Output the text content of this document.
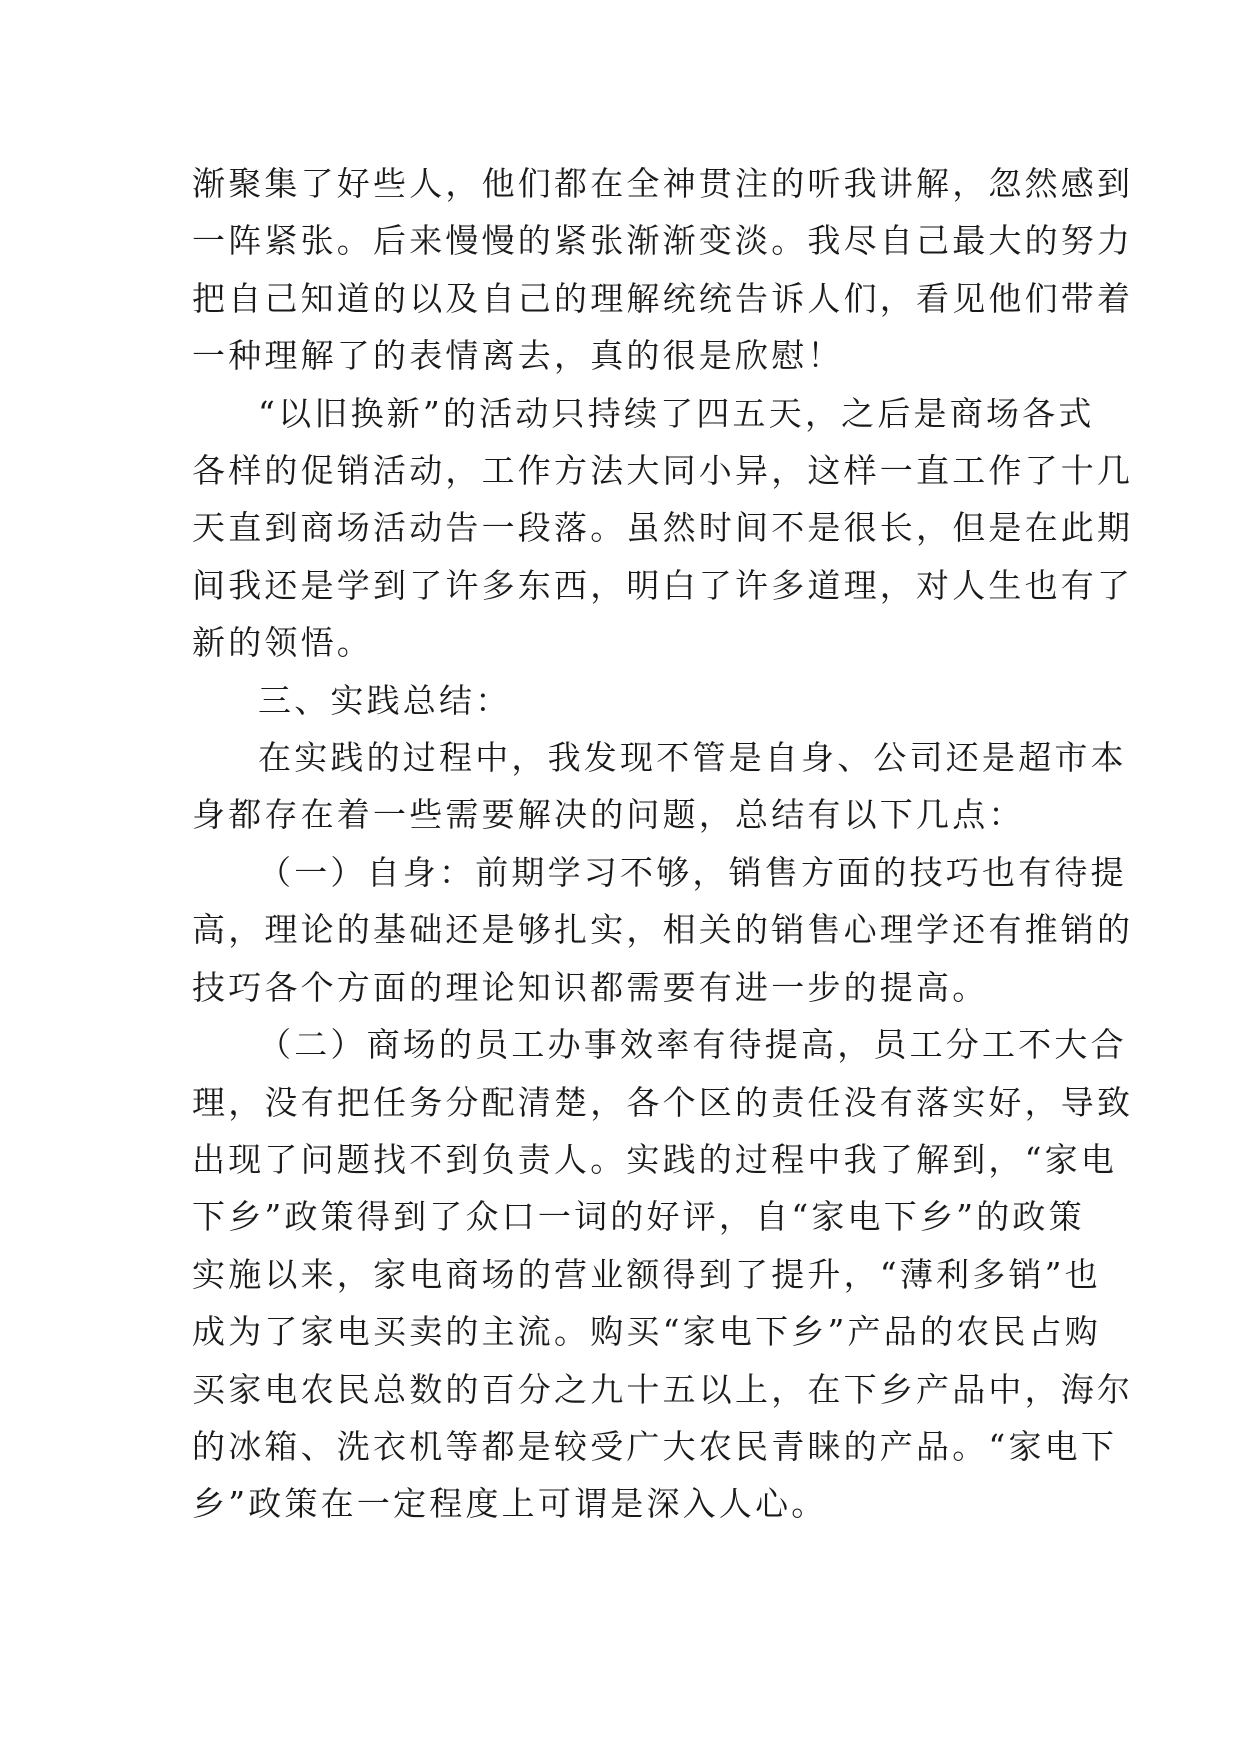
渐聚集了好些人，他们都在全神贯注的听我讲解，忽然感到
一阵紧张。后来慢慢的紧张渐渐变淡。我尽自己最大的努力
把自己知道的以及自己的理解统统告诉人们，看见他们带着
一种理解了的表情离去，真的很是欣慰！

“以旧换新”的活动只持续了四五天，之后是商场各式
各样的促销活动，工作方法大同小异，这样一直工作了十几
天直到商场活动告一段落。虽然时间不是很长，但是在此期
间我还是学到了许多东西，明白了许多道理，对人生也有了
新的领悟。

三、实践总结：

在实践的过程中，我发现不管是自身、公司还是超市本
身都存在着一些需要解决的问题，总结有以下几点：

（一）自身：前期学习不够，销售方面的技巧也有待提
高，理论的基础还是够扎实，相关的销售心理学还有推销的
技巧各个方面的理论知识都需要有进一步的提高。

（二）商场的员工办事效率有待提高，员工分工不大合
理，没有把任务分配清楚，各个区的责任没有落实好，导致
出现了问题找不到负责人。实践的过程中我了解到，“家电
下乡”政策得到了众口一词的好评，自“家电下乡”的政策
实施以来，家电商场的营业额得到了提升，“薄利多销”也
成为了家电买卖的主流。购买“家电下乡”产品的农民占购
买家电农民总数的百分之九十五以上，在下乡产品中，海尔
的冰箱、洗衣机等都是较受广大农民青睐的产品。“家电下
乡”政策在一定程度上可谓是深入人心。
